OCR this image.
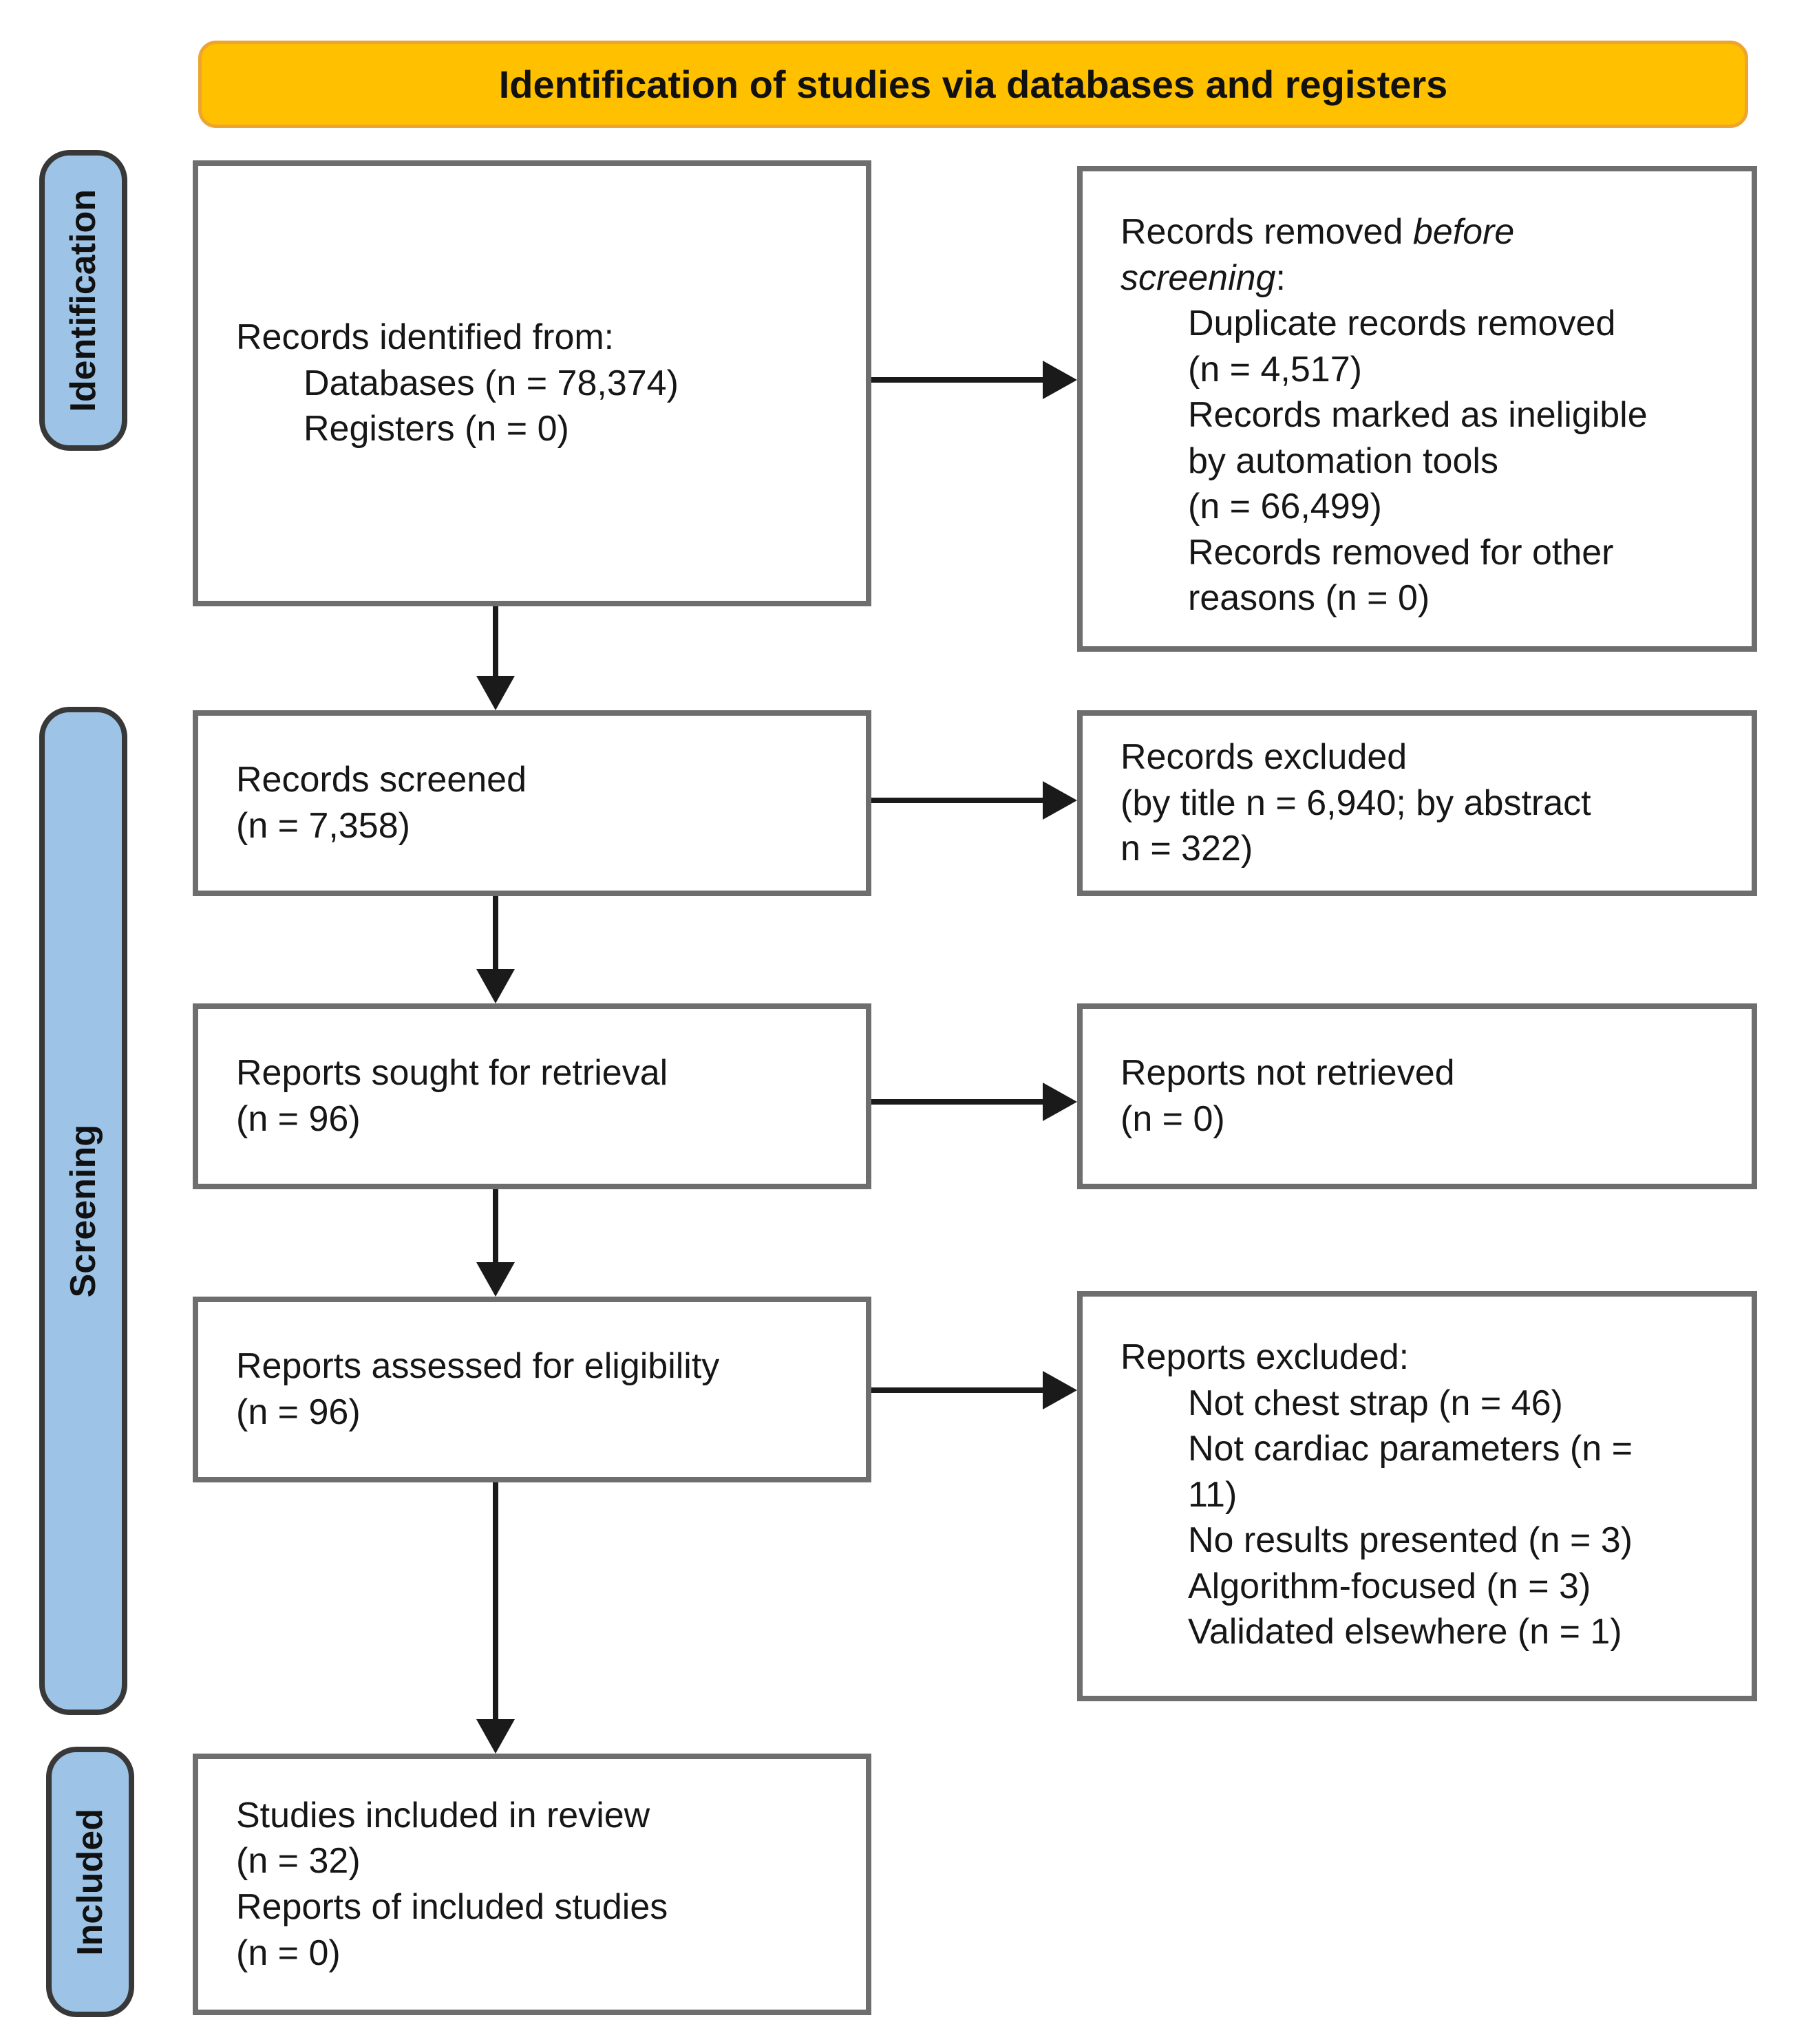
Identification of studies via databases and registers
Identification
Screening
Included
Records identified from:
Databases (n = 78,374)
Registers (n = 0)
Records removed before
screening:
Duplicate records removed
(n = 4,517)
Records marked as ineligible
by automation tools
(n = 66,499)
Records removed for other
reasons (n = 0)
Records screened
(n = 7,358)
Records excluded
(by title n = 6,940; by abstract
n = 322)
Reports sought for retrieval
(n = 96)
Reports not retrieved
(n = 0)
Reports assessed for eligibility
(n = 96)
Reports excluded:
Not chest strap (n = 46)
Not cardiac parameters (n =
11)
No results presented (n = 3)
Algorithm-focused (n = 3)
Validated elsewhere (n = 1)
Studies included in review
(n = 32)
Reports of included studies
(n = 0)
